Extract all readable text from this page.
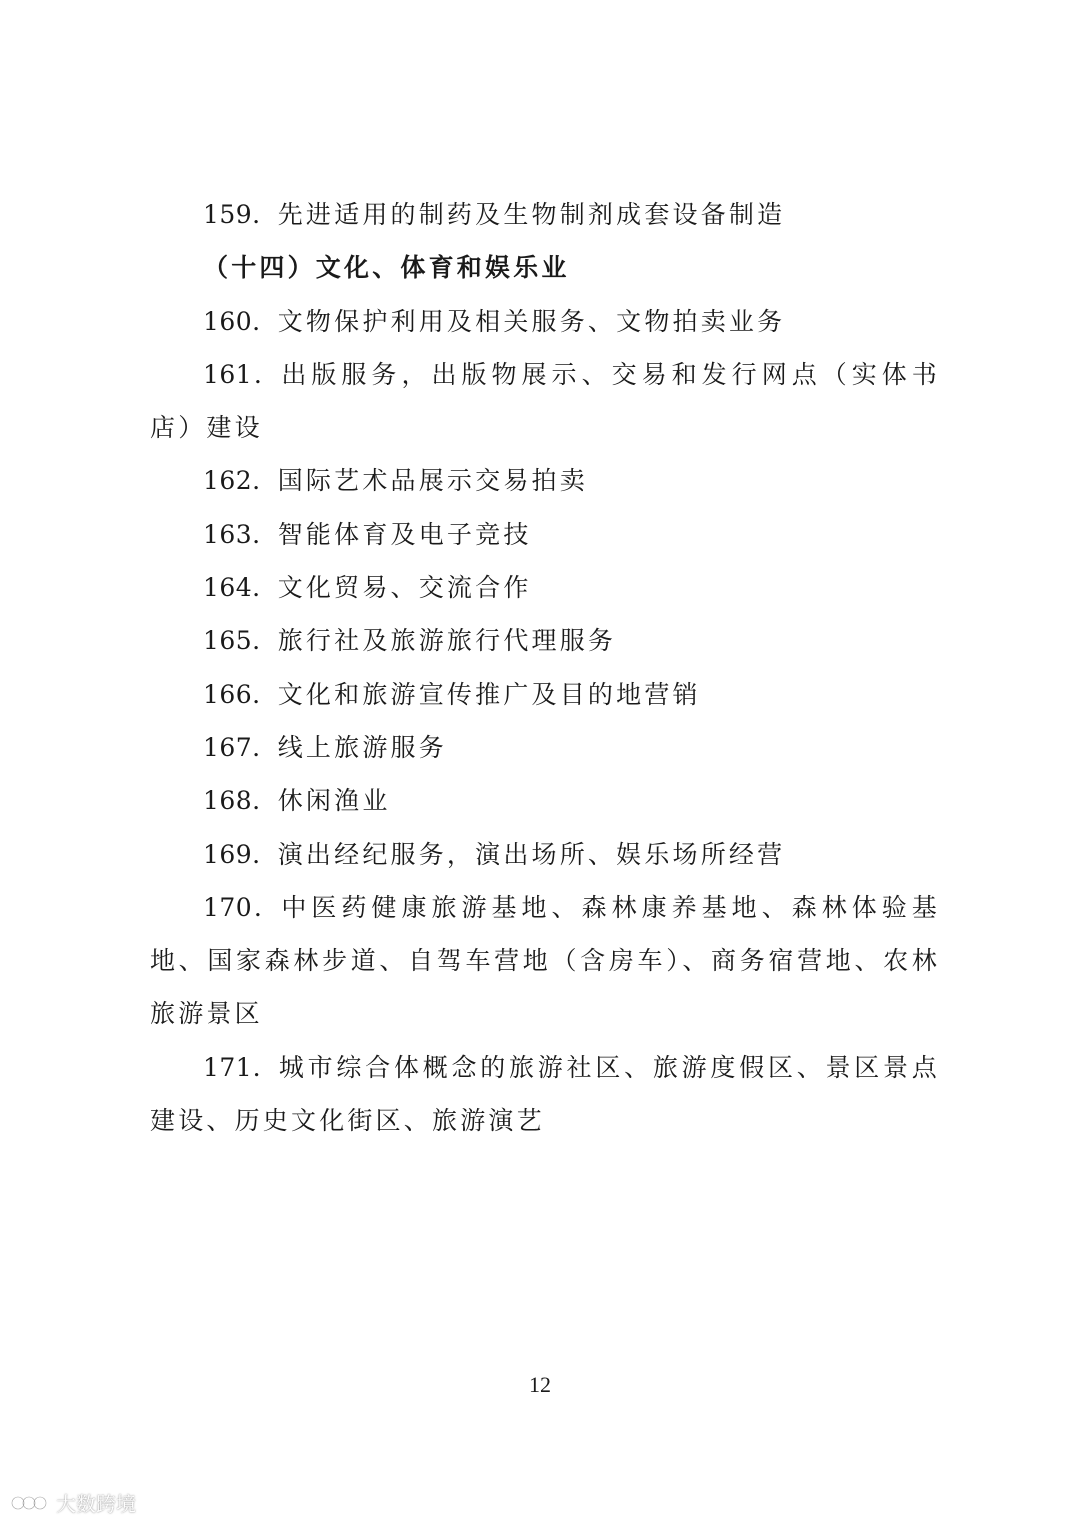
159．先进适用的制药及生物制剂成套设备制造

（十四）文化、体育和娱乐业

160．文物保护利用及相关服务、文物拍卖业务

161．出版服务，出版物展示、交易和发行网点（实体书店）建设

162．国际艺术品展示交易拍卖

163．智能体育及电子竞技

164．文化贸易、交流合作

165．旅行社及旅游旅行代理服务

166．文化和旅游宣传推广及目的地营销

167．线上旅游服务

168．休闲渔业

169．演出经纪服务，演出场所、娱乐场所经营

170．中医药健康旅游基地、森林康养基地、森林体验基地、国家森林步道、自驾车营地（含房车）、商务宿营地、农林旅游景区

171．城市综合体概念的旅游社区、旅游度假区、景区景点建设、历史文化街区、旅游演艺

12
大数跨境
